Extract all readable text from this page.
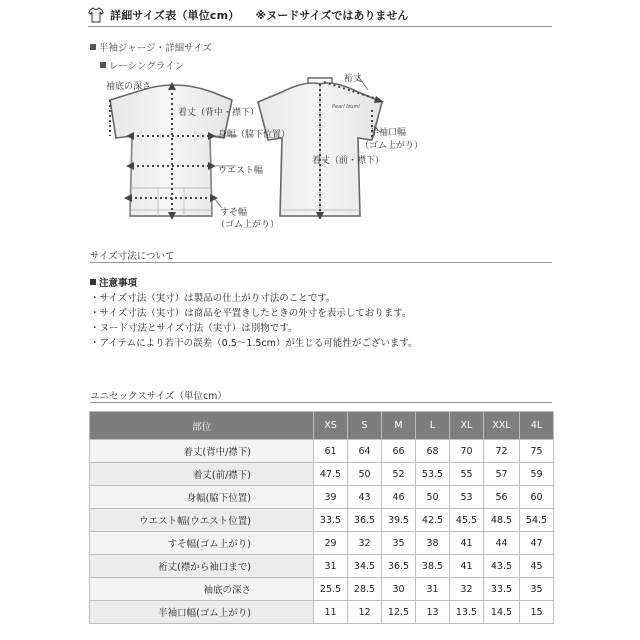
詳細サイズ表（単位cm） ※ヌードサイズではありません
半袖ジャージ・詳細サイズ
レーシングライン
Pearl Izumi
袖底の深さ
着丈（背中・襟下）
身幅（脇下位置）
ウエスト幅
すそ幅
（ゴム上がり）
裄丈
半袖口幅
（ゴム上がり）
着丈（前・襟下）
サイズ寸法について
注意事項
・サイズ寸法（実寸）は製品の仕上がり寸法のことです。
・サイズ寸法（実寸）は商品を平置きしたときの外寸を表示しております。
・ヌード寸法とサイズ寸法（実寸）は別物です。
・アイテムにより若干の誤差（0.5～1.5cm）が生じる可能性がございます。
ユニセックスサイズ（単位cm）
部位	XS	S	M	L	XL	XXL	4L
着丈(背中/襟下)	61	64	66	68	70	72	75
着丈(前/襟下)	47.5	50	52	53.5	55	57	59
身幅(脇下位置)	39	43	46	50	53	56	60
ウエスト幅(ウエスト位置)	33.5	36.5	39.5	42.5	45.5	48.5	54.5
すそ幅(ゴム上がり)	29	32	35	38	41	44	47
裄丈(襟から袖口まで)	31	34.5	36.5	38.5	41	43.5	45
袖底の深さ	25.5	28.5	30	31	32	33.5	35
半袖口幅(ゴム上がり)	11	12	12.5	13	13.5	14.5	15
